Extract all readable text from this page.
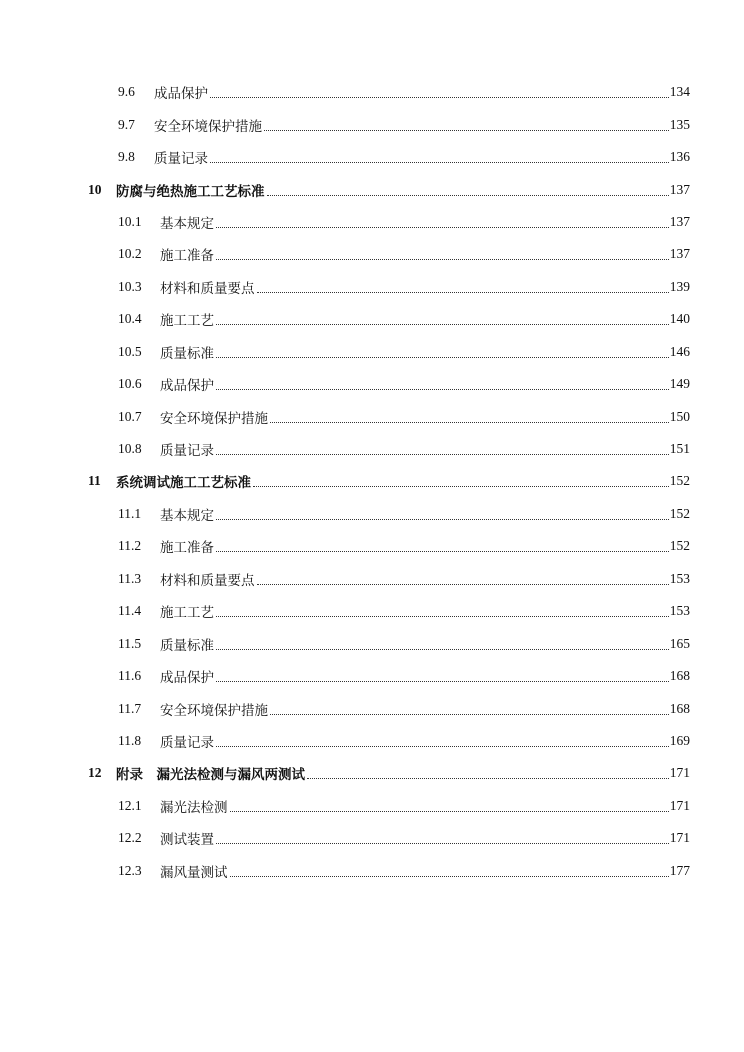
9.6	成品保护	134
9.7	安全环境保护措施	135
9.8	质量记录	136
10	防腐与绝热施工工艺标准	137
10.1	基本规定	137
10.2	施工准备	137
10.3	材料和质量要点	139
10.4	施工工艺	140
10.5	质量标准	146
10.6	成品保护	149
10.7	安全环境保护措施	150
10.8	质量记录	151
11	系统调试施工工艺标准	152
11.1	基本规定	152
11.2	施工准备	152
11.3	材料和质量要点	153
11.4	施工工艺	153
11.5	质量标准	165
11.6	成品保护	168
11.7	安全环境保护措施	168
11.8	质量记录	169
12	附录　漏光法检测与漏风两测试	171
12.1	漏光法检测	171
12.2	测试装置	171
12.3	漏风量测试	177
